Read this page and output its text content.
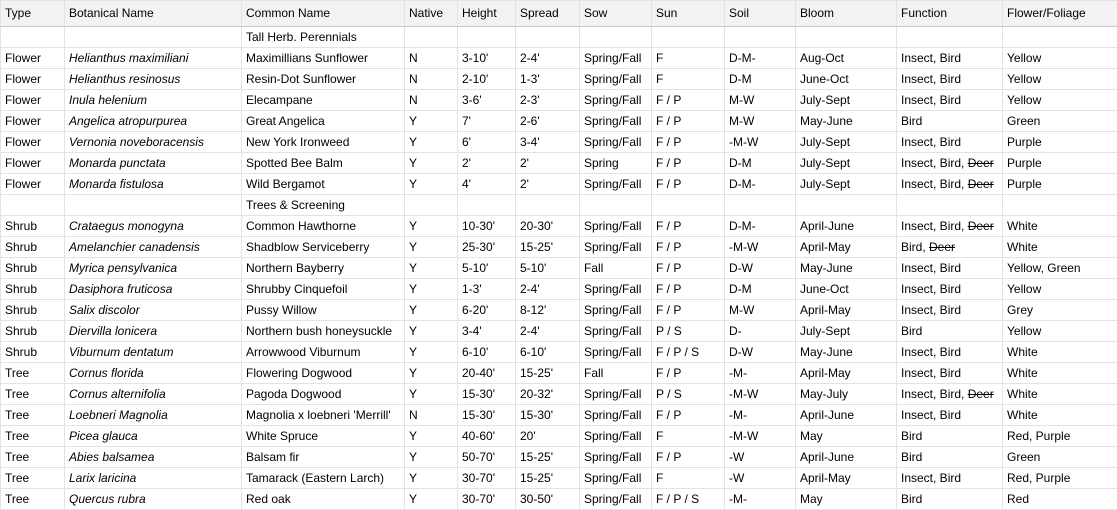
Type	Botanical Name	Common Name	Native	Height	Spread	Sow	Sun	Soil	Bloom	Function	Flower/Foliage
		Tall Herb. Perennials									
Flower	Helianthus maximiliani	Maximillians Sunflower	N	3-10'	2-4'	Spring/Fall	F	D-M-	Aug-Oct	Insect, Bird	Yellow
Flower	Helianthus resinosus	Resin-Dot Sunflower	N	2-10'	1-3'	Spring/Fall	F	D-M	June-Oct	Insect, Bird	Yellow
Flower	Inula helenium	Elecampane	N	3-6'	2-3'	Spring/Fall	F / P	M-W	July-Sept	Insect, Bird	Yellow
Flower	Angelica atropurpurea	Great Angelica	Y	7'	2-6'	Spring/Fall	F / P	M-W	May-June	Bird	Green
Flower	Vernonia noveboracensis	New York Ironweed	Y	6'	3-4'	Spring/Fall	F / P	-M-W	July-Sept	Insect, Bird	Purple
Flower	Monarda punctata	Spotted Bee Balm	Y	2'	2'	Spring	F / P	D-M	July-Sept	Insect, Bird, Deer	Purple
Flower	Monarda fistulosa	Wild Bergamot	Y	4'	2'	Spring/Fall	F / P	D-M-	July-Sept	Insect, Bird, Deer	Purple
		Trees & Screening									
Shrub	Crataegus monogyna	Common Hawthorne	Y	10-30'	20-30'	Spring/Fall	F / P	D-M-	April-June	Insect, Bird, Deer	White
Shrub	Amelanchier canadensis	Shadblow Serviceberry	Y	25-30'	15-25'	Spring/Fall	F / P	-M-W	April-May	Bird, Deer	White
Shrub	Myrica pensylvanica	Northern Bayberry	Y	5-10'	5-10'	Fall	F / P	D-W	May-June	Insect, Bird	Yellow, Green
Shrub	Dasiphora fruticosa	Shrubby Cinquefoil	Y	1-3'	2-4'	Spring/Fall	F / P	D-M	June-Oct	Insect, Bird	Yellow
Shrub	Salix discolor	Pussy Willow	Y	6-20'	8-12'	Spring/Fall	F / P	M-W	April-May	Insect, Bird	Grey
Shrub	Diervilla lonicera	Northern bush honeysuckle	Y	3-4'	2-4'	Spring/Fall	P / S	D-	July-Sept	Bird	Yellow
Shrub	Viburnum dentatum	Arrowwood Viburnum	Y	6-10'	6-10'	Spring/Fall	F / P / S	D-W	May-June	Insect, Bird	White
Tree	Cornus florida	Flowering Dogwood	Y	20-40'	15-25'	Fall	F / P	-M-	April-May	Insect, Bird	White
Tree	Cornus alternifolia	Pagoda Dogwood	Y	15-30'	20-32'	Spring/Fall	P / S	-M-W	May-July	Insect, Bird, Deer	White
Tree	Loebneri Magnolia	Magnolia x loebneri 'Merrill'	N	15-30'	15-30'	Spring/Fall	F / P	-M-	April-June	Insect, Bird	White
Tree	Picea glauca	White Spruce	Y	40-60'	20'	Spring/Fall	F	-M-W	May	Bird	Red, Purple
Tree	Abies balsamea	Balsam fir	Y	50-70'	15-25'	Spring/Fall	F / P	-W	April-June	Bird	Green
Tree	Larix laricina	Tamarack (Eastern Larch)	Y	30-70'	15-25'	Spring/Fall	F	-W	April-May	Insect, Bird	Red, Purple
Tree	Quercus rubra	Red oak	Y	30-70'	30-50'	Spring/Fall	F / P / S	-M-	May	Bird	Red
